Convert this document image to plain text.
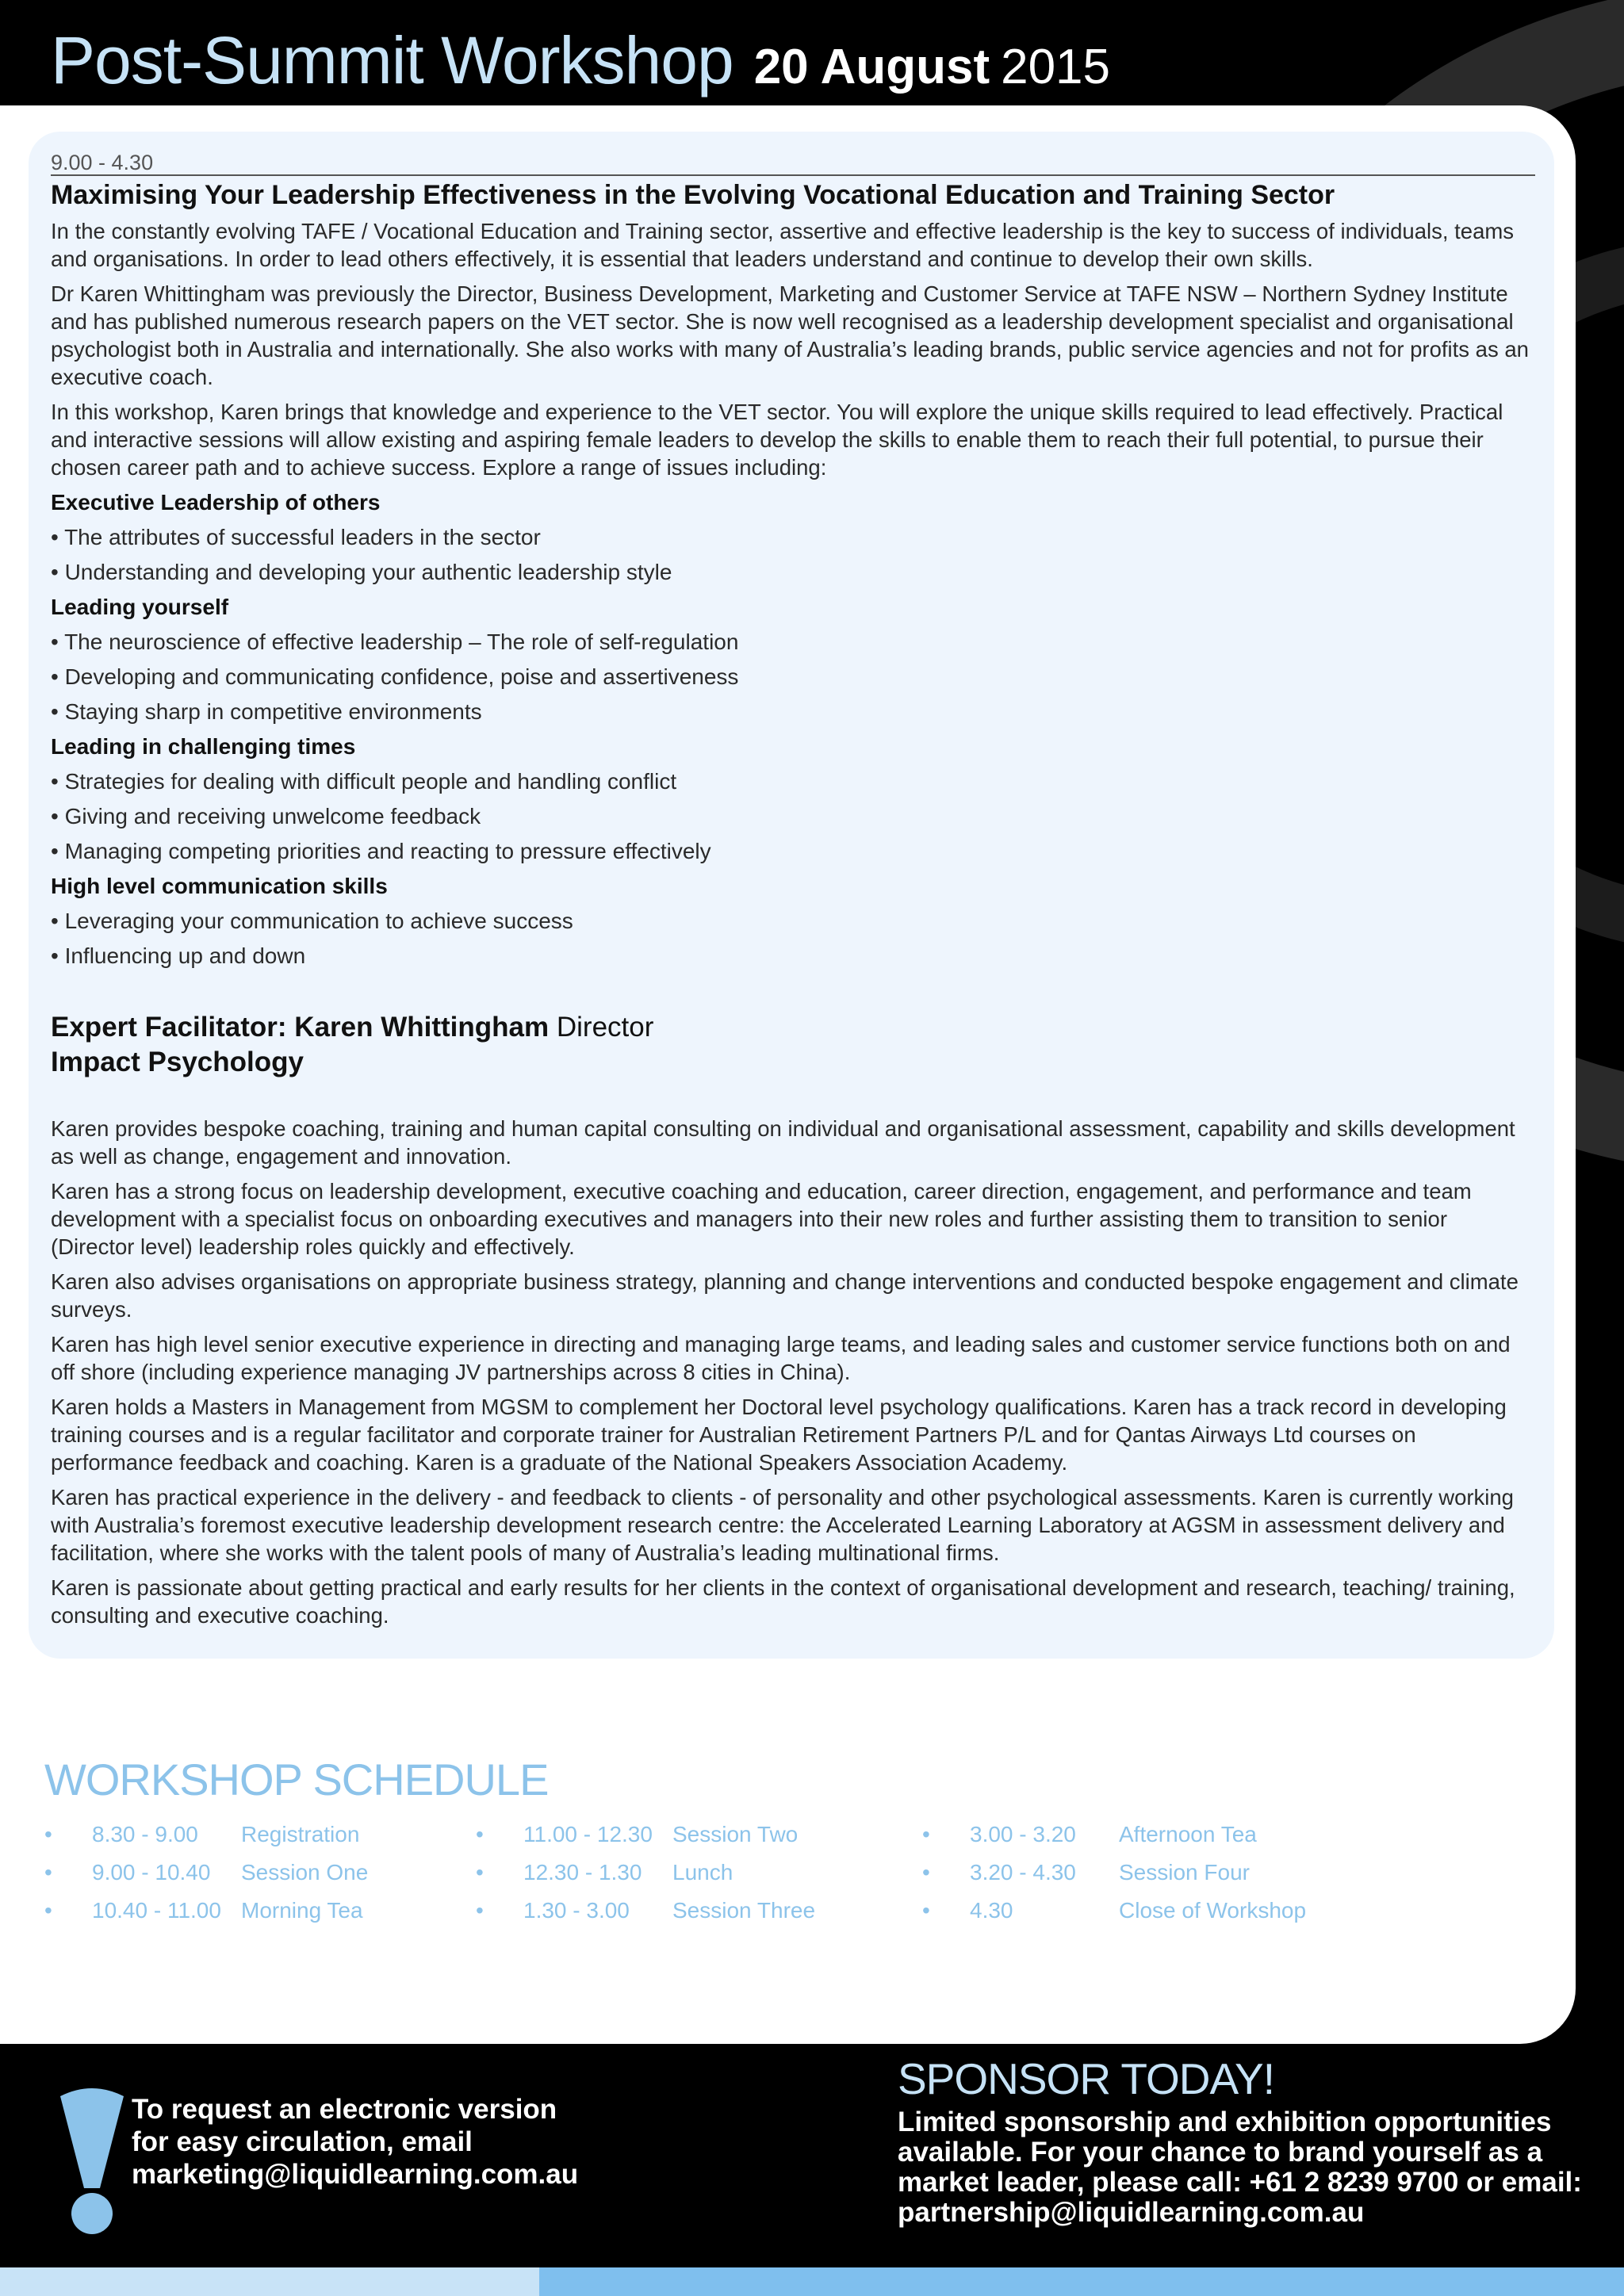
Post-Summit Workshop 20 August 2015
9.00 - 4.30
Maximising Your Leadership Effectiveness in the Evolving Vocational Education and Training Sector
In the constantly evolving TAFE / Vocational Education and Training sector, assertive and effective leadership is the key to success of individuals, teams and organisations. In order to lead others effectively, it is essential that leaders understand and continue to develop their own skills.
Dr Karen Whittingham was previously the Director, Business Development, Marketing and Customer Service at TAFE NSW – Northern Sydney Institute and has published numerous research papers on the VET sector. She is now well recognised as a leadership development specialist and organisational psychologist both in Australia and internationally. She also works with many of Australia’s leading brands, public service agencies and not for profits as an executive coach.
In this workshop, Karen brings that knowledge and experience to the VET sector. You will explore the unique skills required to lead effectively. Practical and interactive sessions will allow existing and aspiring female leaders to develop the skills to enable them to reach their full potential, to pursue their chosen career path and to achieve success. Explore a range of issues including:
Executive Leadership of others
• The attributes of successful leaders in the sector
• Understanding and developing your authentic leadership style
Leading yourself
• The neuroscience of effective leadership – The role of self-regulation
• Developing and communicating confidence, poise and assertiveness
• Staying sharp in competitive environments
Leading in challenging times
• Strategies for dealing with difficult people and handling conflict
• Giving and receiving unwelcome feedback
• Managing competing priorities and reacting to pressure effectively
High level communication skills
• Leveraging your communication to achieve success
• Influencing up and down
Expert Facilitator: Karen Whittingham Director
Impact Psychology
Karen provides bespoke coaching, training and human capital consulting on individual and organisational assessment, capability and skills development as well as change, engagement and innovation.
Karen has a strong focus on leadership development, executive coaching and education, career direction, engagement, and performance and team development with a specialist focus on onboarding executives and managers into their new roles and further assisting them to transition to senior (Director level) leadership roles quickly and effectively.
Karen also advises organisations on appropriate business strategy, planning and change interventions and conducted bespoke engagement and climate surveys.
Karen has high level senior executive experience in directing and managing large teams, and leading sales and customer service functions both on and off shore (including experience managing JV partnerships across 8 cities in China).
Karen holds a Masters in Management from MGSM to complement her Doctoral level psychology qualifications. Karen has a track record in developing training courses and is a regular facilitator and corporate trainer for Australian Retirement Partners P/L and for Qantas Airways Ltd courses on performance feedback and coaching. Karen is a graduate of the National Speakers Association Academy.
Karen has practical experience in the delivery - and feedback to clients - of personality and other psychological assessments. Karen is currently working with Australia’s foremost executive leadership development research centre: the Accelerated Learning Laboratory at AGSM in assessment delivery and facilitation, where she works with the talent pools of many of Australia’s leading multinational firms.
Karen is passionate about getting practical and early results for her clients in the context of organisational development and research, teaching/ training, consulting and executive coaching.
WORKSHOP SCHEDULE
• 8.30 - 9.00 Registration
• 9.00 - 10.40 Session One
• 10.40 - 11.00 Morning Tea
• 11.00 - 12.30 Session Two
• 12.30 - 1.30 Lunch
• 1.30 - 3.00 Session Three
• 3.00 - 3.20 Afternoon Tea
• 3.20 - 4.30 Session Four
• 4.30	Close of Workshop
To request an electronic version
for easy circulation, email
marketing@liquidlearning.com.au
SPONSOR TODAY!
Limited sponsorship and exhibition opportunities
available. For your chance to brand yourself as a
market leader, please call: +61 2 8239 9700 or email:
partnership@liquidlearning.com.au
